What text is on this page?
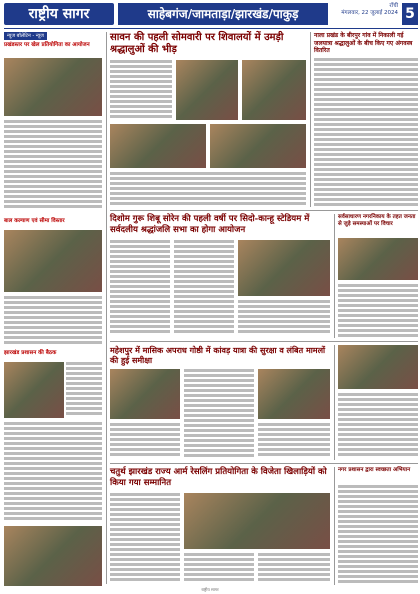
राष्ट्रीय सागर	साहेबगंज/जामताड़ा/झारखंड/पाकुड़
राँची
मंगलवार, 22 जुलाई 2024 5
न्यूज बॉलेटिन - न्यूज
प्रखंडस्तर पर खेल प्रतियोगिता का आयोजन
बाल कल्याण एवं सीमा विस्तार
झारखंड प्रशासन की बैठक
सावन की पहली सोमवारी पर शिवालयों में उमड़ी श्रद्धालुओं की भीड़
नाला प्रखंड के बीरपुर गांव में निकाली गई जलयात्रा श्रद्धालुओं के बीच किए गए अंगवस्त्र वितरित
दिशोम गुरू शिबू सोरेन की पहली वर्षी पर सिदो-कान्हू स्टेडियम में सर्वदलीय श्रद्धांजलि सभा का होगा आयोजन
सर्वसाधारण नगरनिकाय के तहत जनता से जुड़े समस्याओं पर विचार
महेशपुर में मासिक अपराध गोष्ठी में कांवड़ यात्रा की सुरक्षा व लंबित मामलों की हुई समीक्षा
चतुर्थ झारखंड राज्य आर्म रेसलिंग प्रतियोगिता के विजेता खिलाड़ियों को किया गया सम्मानित
नगर प्रशासन द्वारा स्वच्छता अभियान
राष्ट्रीय सागर
